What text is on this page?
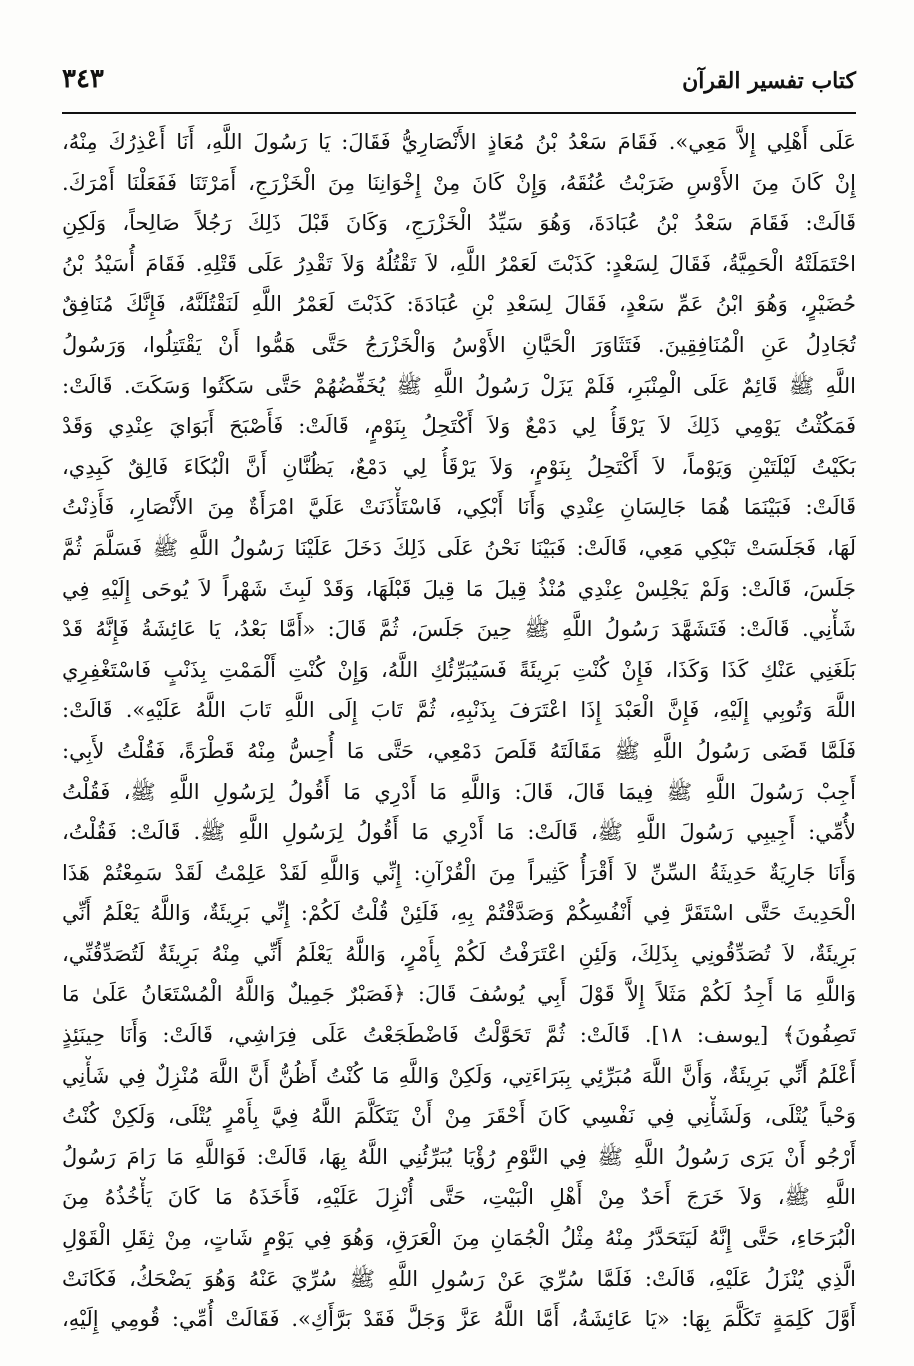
كتاب تفسير القرآن
٣٤٣
عَلَى أَهْلِي إِلاَّ مَعِي». فَقَامَ سَعْدُ بْنُ مُعَاذٍ الأَنْصَارِيُّ فَقَالَ: يَا رَسُولَ اللَّهِ، أَنَا أَعْذِرُكَ مِنْهُ،
إِنْ كَانَ مِنَ الأَوْسِ ضَرَبْتُ عُنُقَهُ، وَإِنْ كَانَ مِنْ إِخْوَانِنَا مِنَ الْخَزْرَجِ، أَمَرْتَنَا فَفَعَلْنَا أَمْرَكَ.
قَالَتْ: فَقَامَ سَعْدُ بْنُ عُبَادَةَ، وَهُوَ سَيِّدُ الْخَزْرَجِ، وَكَانَ قَبْلَ ذَلِكَ رَجُلاً صَالِحاً، وَلَكِنِ
احْتَمَلَتْهُ الْحَمِيَّةُ، فَقَالَ لِسَعْدٍ: كَذَبْتَ لَعَمْرُ اللَّهِ، لاَ تَقْتُلُهُ وَلاَ تَقْدِرُ عَلَى قَتْلِهِ. فَقَامَ أُسَيْدُ بْنُ
حُضَيْرٍ، وَهُوَ ابْنُ عَمِّ سَعْدٍ، فَقَالَ لِسَعْدِ بْنِ عُبَادَةَ: كَذَبْتَ لَعَمْرُ اللَّهِ لَنَقْتُلَنَّهُ، فَإِنَّكَ مُنَافِقٌ
تُجَادِلُ عَنِ الْمُنَافِقِينَ. فَتَثَاوَرَ الْحَيَّانِ الأَوْسُ وَالْخَزْرَجُ حَتَّى هَمُّوا أَنْ يَقْتَتِلُوا، وَرَسُولُ
اللَّهِ ﷺ قَائِمٌ عَلَى الْمِنْبَرِ، فَلَمْ يَزَلْ رَسُولُ اللَّهِ ﷺ يُخَفِّضُهُمْ حَتَّى سَكَتُوا وَسَكَتَ. قَالَتْ:
فَمَكُثْتُ يَوْمِي ذَلِكَ لاَ يَرْقَأُ لِي دَمْعٌ وَلاَ أَكْتَحِلُ بِنَوْمٍ، قَالَتْ: فَأَصْبَحَ أَبَوَايَ عِنْدِي وَقَدْ
بَكَيْتُ لَيْلَتَيْنِ وَيَوْماً، لاَ أَكْتَحِلُ بِنَوْمٍ، وَلاَ يَرْقَأُ لِي دَمْعٌ، يَظُنَّانِ أَنَّ الْبُكَاءَ فَالِقٌ كَبِدِي،
قَالَتْ: فَبَيْنَمَا هُمَا جَالِسَانِ عِنْدِي وَأَنَا أَبْكِي، فَاسْتَأْذَنَتْ عَلَيَّ امْرَأَةٌ مِنَ الأَنْصَارِ، فَأَذِنْتُ
لَهَا، فَجَلَسَتْ تَبْكِي مَعِي، قَالَتْ: فَبَيْنَا نَحْنُ عَلَى ذَلِكَ دَخَلَ عَلَيْنَا رَسُولُ اللَّهِ ﷺ فَسَلَّمَ ثُمَّ
جَلَسَ، قَالَتْ: وَلَمْ يَجْلِسْ عِنْدِي مُنْذُ قِيلَ مَا قِيلَ قَبْلَهَا، وَقَدْ لَبِثَ شَهْراً لاَ يُوحَى إِلَيْهِ فِي
شَأْنِي. قَالَتْ: فَتَشَهَّدَ رَسُولُ اللَّهِ ﷺ حِينَ جَلَسَ، ثُمَّ قَالَ: «أَمَّا بَعْدُ، يَا عَائِشَةُ فَإِنَّهُ قَدْ
بَلَغَنِي عَنْكِ كَذَا وَكَذَا، فَإِنْ كُنْتِ بَرِيئَةً فَسَيُبَرِّئُكِ اللَّهُ، وَإِنْ كُنْتِ أَلْمَمْتِ بِذَنْبٍ فَاسْتَغْفِرِي
اللَّهَ وَتُوبِي إِلَيْهِ، فَإِنَّ الْعَبْدَ إِذَا اعْتَرَفَ بِذَنْبِهِ، ثُمَّ تَابَ إِلَى اللَّهِ تَابَ اللَّهُ عَلَيْهِ». قَالَتْ:
فَلَمَّا قَضَى رَسُولُ اللَّهِ ﷺ مَقَالَتَهُ قَلَصَ دَمْعِي، حَتَّى مَا أُحِسُّ مِنْهُ قَطْرَةً، فَقُلْتُ لأَبِي:
أَجِبْ رَسُولَ اللَّهِ ﷺ فِيمَا قَالَ، قَالَ: وَاللَّهِ مَا أَدْرِي مَا أَقُولُ لِرَسُولِ اللَّهِ ﷺ، فَقُلْتُ
لأُمِّي: أَجِيبِي رَسُولَ اللَّهِ ﷺ، قَالَتْ: مَا أَدْرِي مَا أَقُولُ لِرَسُولِ اللَّهِ ﷺ. قَالَتْ: فَقُلْتُ،
وَأَنَا جَارِيَةٌ حَدِيثَةُ السِّنِّ لاَ أَقْرَأُ كَثِيراً مِنَ الْقُرْآنِ: إِنِّي وَاللَّهِ لَقَدْ عَلِمْتُ لَقَدْ سَمِعْتُمْ هَذَا
الْحَدِيثَ حَتَّى اسْتَقَرَّ فِي أَنْفُسِكُمْ وَصَدَّقْتُمْ بِهِ، فَلَئِنْ قُلْتُ لَكُمْ: إِنِّي بَرِيئَةٌ، وَاللَّهُ يَعْلَمُ أَنِّي
بَرِيئَةٌ، لاَ تُصَدِّقُونِي بِذَلِكَ، وَلَئِنِ اعْتَرَفْتُ لَكُمْ بِأَمْرٍ، وَاللَّهُ يَعْلَمُ أَنِّي مِنْهُ بَرِيئَةٌ لَتُصَدِّقُنِّي،
وَاللَّهِ مَا أَجِدُ لَكُمْ مَثَلاً إِلاَّ قَوْلَ أَبِي يُوسُفَ قَالَ: ﴿فَصَبْرٌ جَمِيلٌ وَاللَّهُ الْمُسْتَعَانُ عَلَىٰ مَا
تَصِفُونَ﴾ [يوسف: ١٨]. قَالَتْ: ثُمَّ تَحَوَّلْتُ فَاضْطَجَعْتُ عَلَى فِرَاشِي، قَالَتْ: وَأَنَا حِينَئِذٍ
أَعْلَمُ أَنِّي بَرِيئَةٌ، وَأَنَّ اللَّهَ مُبَرِّئِي بِبَرَاءَتِي، وَلَكِنْ وَاللَّهِ مَا كُنْتُ أَظُنُّ أَنَّ اللَّهَ مُنْزِلٌ فِي شَأْنِي
وَحْياً يُتْلَى، وَلَشَأْنِي فِي نَفْسِي كَانَ أَحْقَرَ مِنْ أَنْ يَتَكَلَّمَ اللَّهُ فِيَّ بِأَمْرٍ يُتْلَى، وَلَكِنْ كُنْتُ
أَرْجُو أَنْ يَرَى رَسُولُ اللَّهِ ﷺ فِي النَّوْمِ رُؤْيَا يُبَرِّئُنِي اللَّهُ بِهَا، قَالَتْ: فَوَاللَّهِ مَا رَامَ رَسُولُ
اللَّهِ ﷺ، وَلاَ خَرَجَ أَحَدٌ مِنْ أَهْلِ الْبَيْتِ، حَتَّى أُنْزِلَ عَلَيْهِ، فَأَخَذَهُ مَا كَانَ يَأْخُذُهُ مِنَ
الْبُرَحَاءِ، حَتَّى إِنَّهُ لَيَتَحَدَّرُ مِنْهُ مِثْلُ الْجُمَانِ مِنَ الْعَرَقِ، وَهُوَ فِي يَوْمٍ شَاتٍ، مِنْ ثِقَلِ الْقَوْلِ
الَّذِي يُنْزَلُ عَلَيْهِ، قَالَتْ: فَلَمَّا سُرِّيَ عَنْ رَسُولِ اللَّهِ ﷺ سُرِّيَ عَنْهُ وَهُوَ يَضْحَكُ، فَكَانَتْ
أَوَّلَ كَلِمَةٍ تَكَلَّمَ بِهَا: «يَا عَائِشَةُ، أَمَّا اللَّهُ عَزَّ وَجَلَّ فَقَدْ بَرَّأَكِ». فَقَالَتْ أُمِّي: قُومِي إِلَيْهِ،
